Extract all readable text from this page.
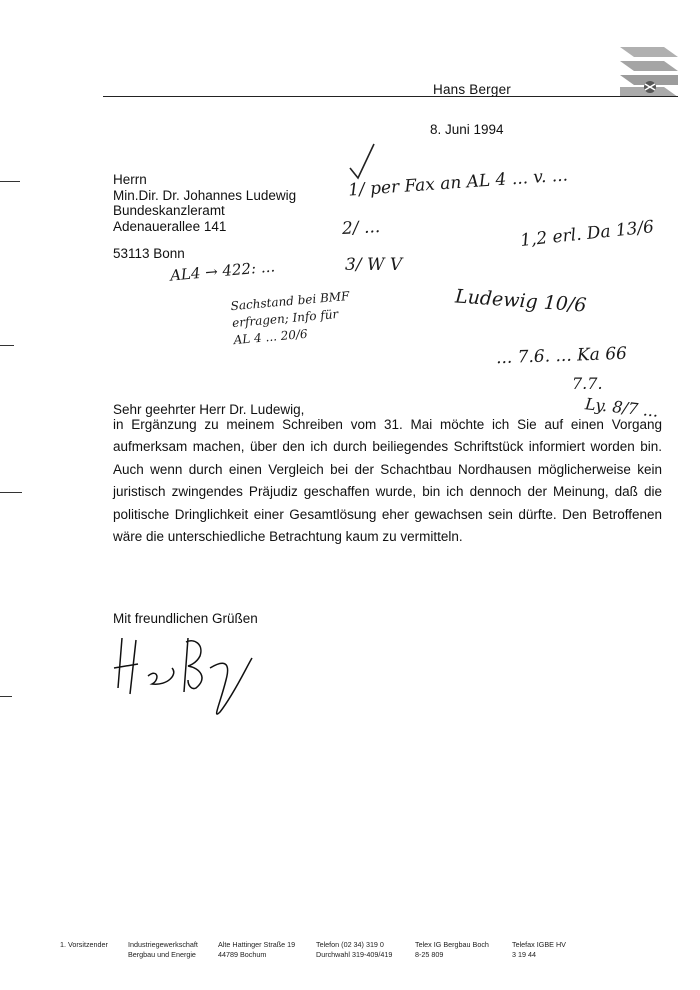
Hans Berger
8. Juni 1994
Herrn
Min.Dir. Dr. Johannes Ludewig
Bundeskanzleramt
Adenauerallee 141
53113 Bonn
1/ per Fax an AL 4 ... v. ...
2/ ...	1,2 erl. Da 13/6
3/ W V
Ludewig 10/6
AL4 → 422: ...
Sachstand bei BMF
erfragen; Info für
AL 4 ... 20/6
... 7.6. ... Ka 66
7.7.
Ly. 8/7 ...
Sehr geehrter Herr Dr. Ludewig,

in Ergänzung zu meinem Schreiben vom 31. Mai möchte ich Sie auf einen Vorgang aufmerksam machen, über den ich durch beiliegendes Schriftstück informiert worden bin. Auch wenn durch einen Vergleich bei der Schachtbau Nordhausen möglicherweise kein juristisch zwingendes Präjudiz geschaffen wurde, bin ich dennoch der Meinung, daß die politische Dringlichkeit einer Gesamtlösung eher gewachsen sein dürfte. Den Betroffenen wäre die unterschiedliche Betrachtung kaum zu vermitteln.

Mit freundlichen Grüßen
1. Vorsitzender	Industriegewerkschaft
Bergbau und Energie
Alte Hattinger Straße 19
44789 Bochum
Telefon (02 34) 319 0
Durchwahl 319-409/419
Telex IG Bergbau Boch
8-25 809
Telefax IGBE HV
3 19 44
